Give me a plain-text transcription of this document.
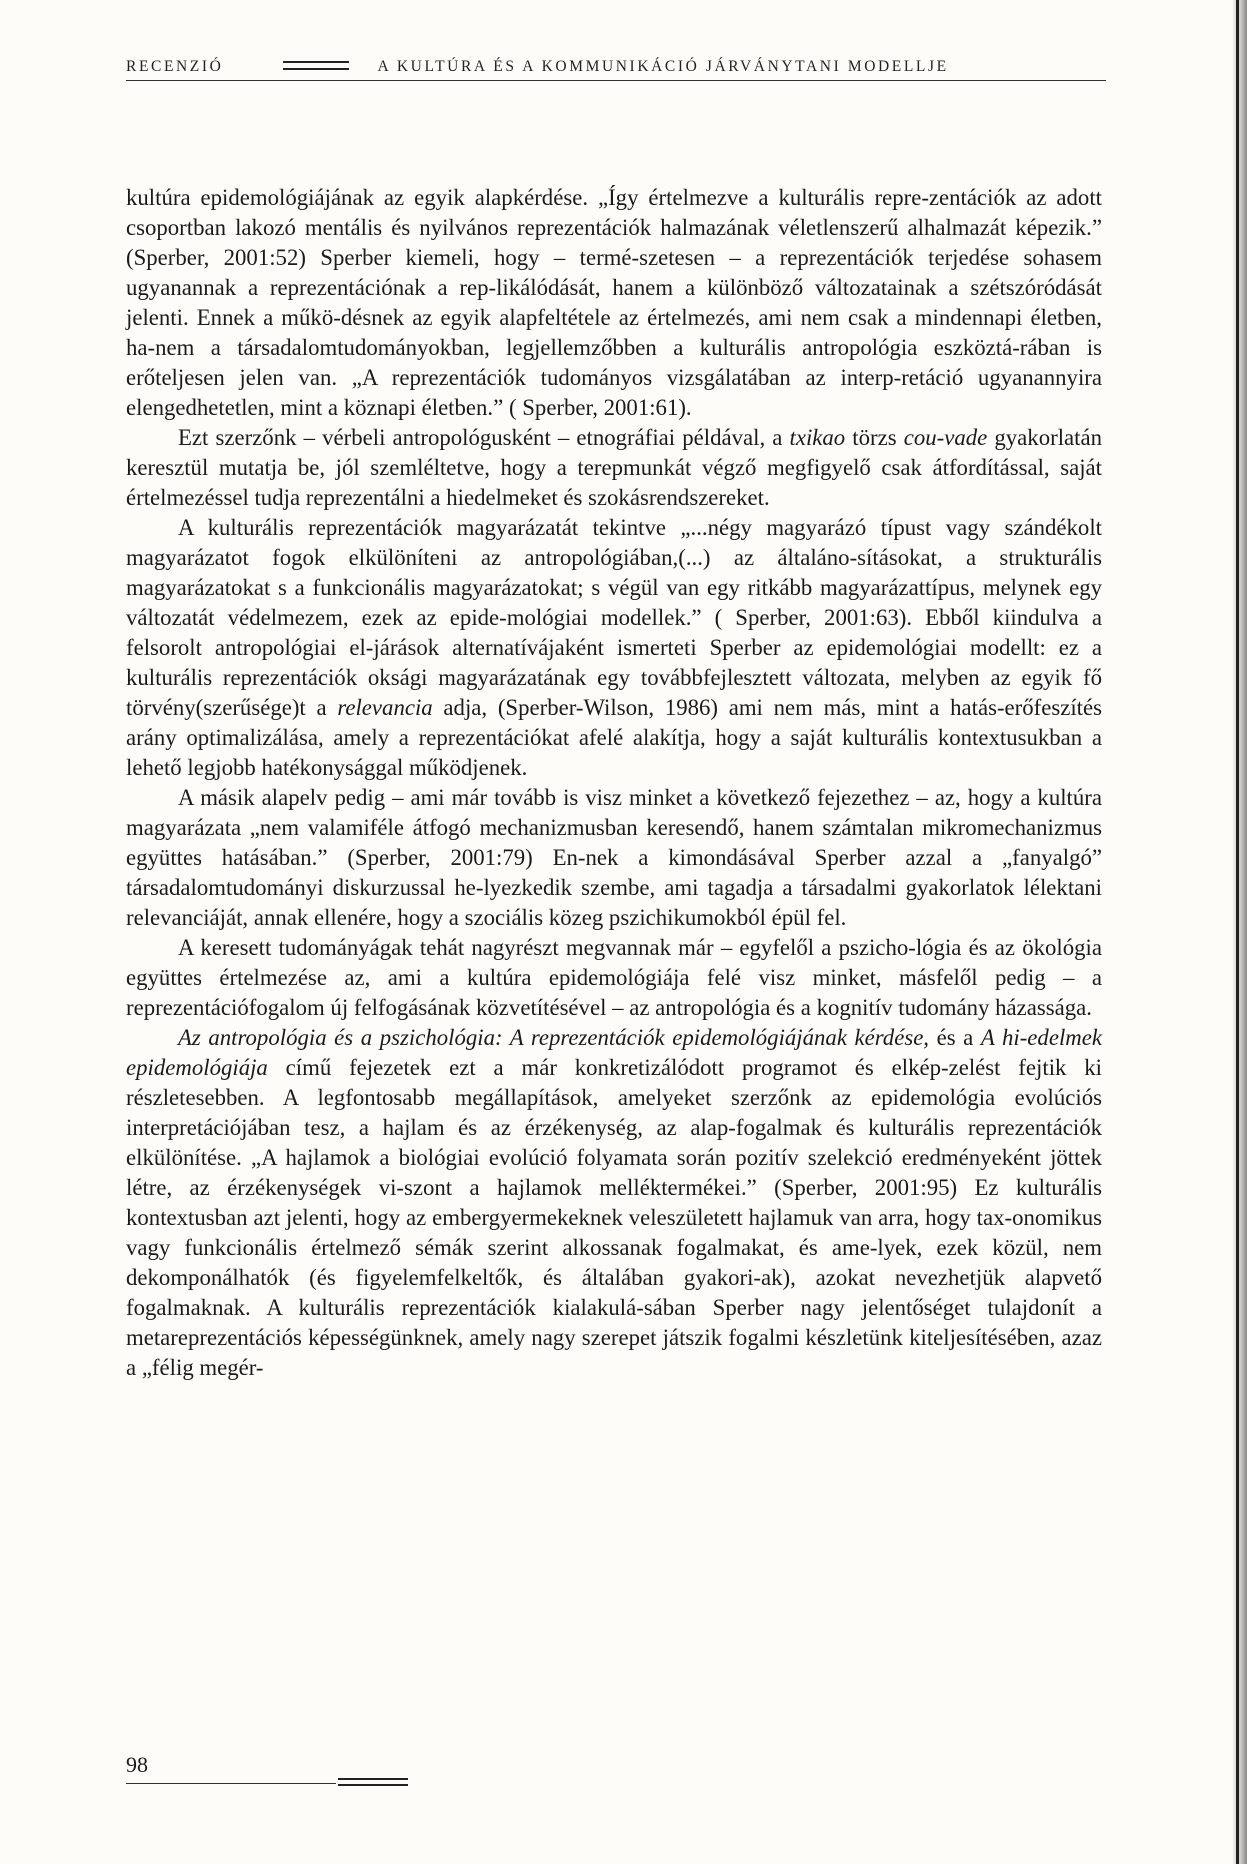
RECENZIÓ	A KULTÚRA ÉS A KOMMUNIKÁCIÓ JÁRVÁNYTANI MODELLJE

kultúra epidemológiájának az egyik alapkérdése. „Így értelmezve a kulturális repre-zentációk az adott csoportban lakozó mentális és nyilvános reprezentációk halmazának véletlenszerű alhalmazát képezik.” (Sperber, 2001:52) Sperber kiemeli, hogy – termé-szetesen – a reprezentációk terjedése sohasem ugyanannak a reprezentációnak a rep-likálódását, hanem a különböző változatainak a szétszóródását jelenti. Ennek a műkö-désnek az egyik alapfeltétele az értelmezés, ami nem csak a mindennapi életben, ha-nem a társadalomtudományokban, legjellemzőbben a kulturális antropológia eszköztá-rában is erőteljesen jelen van. „A reprezentációk tudományos vizsgálatában az interp-retáció ugyanannyira elengedhetetlen, mint a köznapi életben.” ( Sperber, 2001:61).

Ezt szerzőnk – vérbeli antropológusként – etnográfiai példával, a txikao törzs cou-vade gyakorlatán keresztül mutatja be, jól szemléltetve, hogy a terepmunkát végző megfigyelő csak átfordítással, saját értelmezéssel tudja reprezentálni a hiedelmeket és szokásrendszereket.

A kulturális reprezentációk magyarázatát tekintve „...négy magyarázó típust vagy szándékolt magyarázatot fogok elkülöníteni az antropológiában,(...) az általáno-sításokat, a strukturális magyarázatokat s a funkcionális magyarázatokat; s végül van egy ritkább magyarázattípus, melynek egy változatát védelmezem, ezek az epide-mológiai modellek.” ( Sperber, 2001:63). Ebből kiindulva a felsorolt antropológiai el-járások alternatívájaként ismerteti Sperber az epidemológiai modellt: ez a kulturális reprezentációk oksági magyarázatának egy továbbfejlesztett változata, melyben az egyik fő törvény(szerűsége)t a relevancia adja, (Sperber-Wilson, 1986) ami nem más, mint a hatás-erőfeszítés arány optimalizálása, amely a reprezentációkat afelé alakítja, hogy a saját kulturális kontextusukban a lehető legjobb hatékonysággal működjenek.

A másik alapelv pedig – ami már tovább is visz minket a következő fejezethez – az, hogy a kultúra magyarázata „nem valamiféle átfogó mechanizmusban keresendő, hanem számtalan mikromechanizmus együttes hatásában.” (Sperber, 2001:79) En-nek a kimondásával Sperber azzal a „fanyalgó” társadalomtudományi diskurzussal he-lyezkedik szembe, ami tagadja a társadalmi gyakorlatok lélektani relevanciáját, annak ellenére, hogy a szociális közeg pszichikumokból épül fel.

A keresett tudományágak tehát nagyrészt megvannak már – egyfelől a pszicho-lógia és az ökológia együttes értelmezése az, ami a kultúra epidemológiája felé visz minket, másfelől pedig – a reprezentációfogalom új felfogásának közvetítésével – az antropológia és a kognitív tudomány házassága.

Az antropológia és a pszichológia: A reprezentációk epidemológiájának kérdése, és a A hi-edelmek epidemológiája című fejezetek ezt a már konkretizálódott programot és elkép-zelést fejtik ki részletesebben. A legfontosabb megállapítások, amelyeket szerzőnk az epidemológia evolúciós interpretációjában tesz, a hajlam és az érzékenység, az alap-fogalmak és kulturális reprezentációk elkülönítése. „A hajlamok a biológiai evolúció folyamata során pozitív szelekció eredményeként jöttek létre, az érzékenységek vi-szont a hajlamok melléktermékei.” (Sperber, 2001:95) Ez kulturális kontextusban azt jelenti, hogy az embergyermekeknek veleszületett hajlamuk van arra, hogy tax-onomikus vagy funkcionális értelmező sémák szerint alkossanak fogalmakat, és ame-lyek, ezek közül, nem dekomponálhatók (és figyelemfelkeltők, és általában gyakori-ak), azokat nevezhetjük alapvető fogalmaknak. A kulturális reprezentációk kialakulá-sában Sperber nagy jelentőséget tulajdonít a metareprezentációs képességünknek, amely nagy szerepet játszik fogalmi készletünk kiteljesítésében, azaz a „félig megér-

98
